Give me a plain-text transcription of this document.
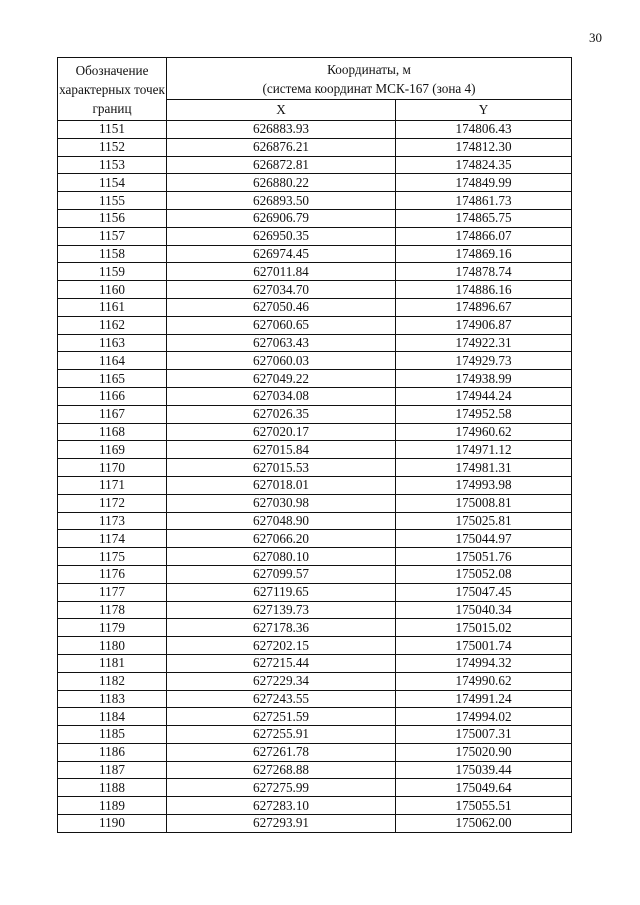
30
Обозначение характерных точек границ	Координаты, м
(система координат МСК-167 (зона 4)	

	X	Y
1151	626883.93	174806.43
1152	626876.21	174812.30
1153	626872.81	174824.35
1154	626880.22	174849.99
1155	626893.50	174861.73
1156	626906.79	174865.75
1157	626950.35	174866.07
1158	626974.45	174869.16
1159	627011.84	174878.74
1160	627034.70	174886.16
1161	627050.46	174896.67
1162	627060.65	174906.87
1163	627063.43	174922.31
1164	627060.03	174929.73
1165	627049.22	174938.99
1166	627034.08	174944.24
1167	627026.35	174952.58
1168	627020.17	174960.62
1169	627015.84	174971.12
1170	627015.53	174981.31
1171	627018.01	174993.98
1172	627030.98	175008.81
1173	627048.90	175025.81
1174	627066.20	175044.97
1175	627080.10	175051.76
1176	627099.57	175052.08
1177	627119.65	175047.45
1178	627139.73	175040.34
1179	627178.36	175015.02
1180	627202.15	175001.74
1181	627215.44	174994.32
1182	627229.34	174990.62
1183	627243.55	174991.24
1184	627251.59	174994.02
1185	627255.91	175007.31
1186	627261.78	175020.90
1187	627268.88	175039.44
1188	627275.99	175049.64
1189	627283.10	175055.51
1190	627293.91	175062.00
